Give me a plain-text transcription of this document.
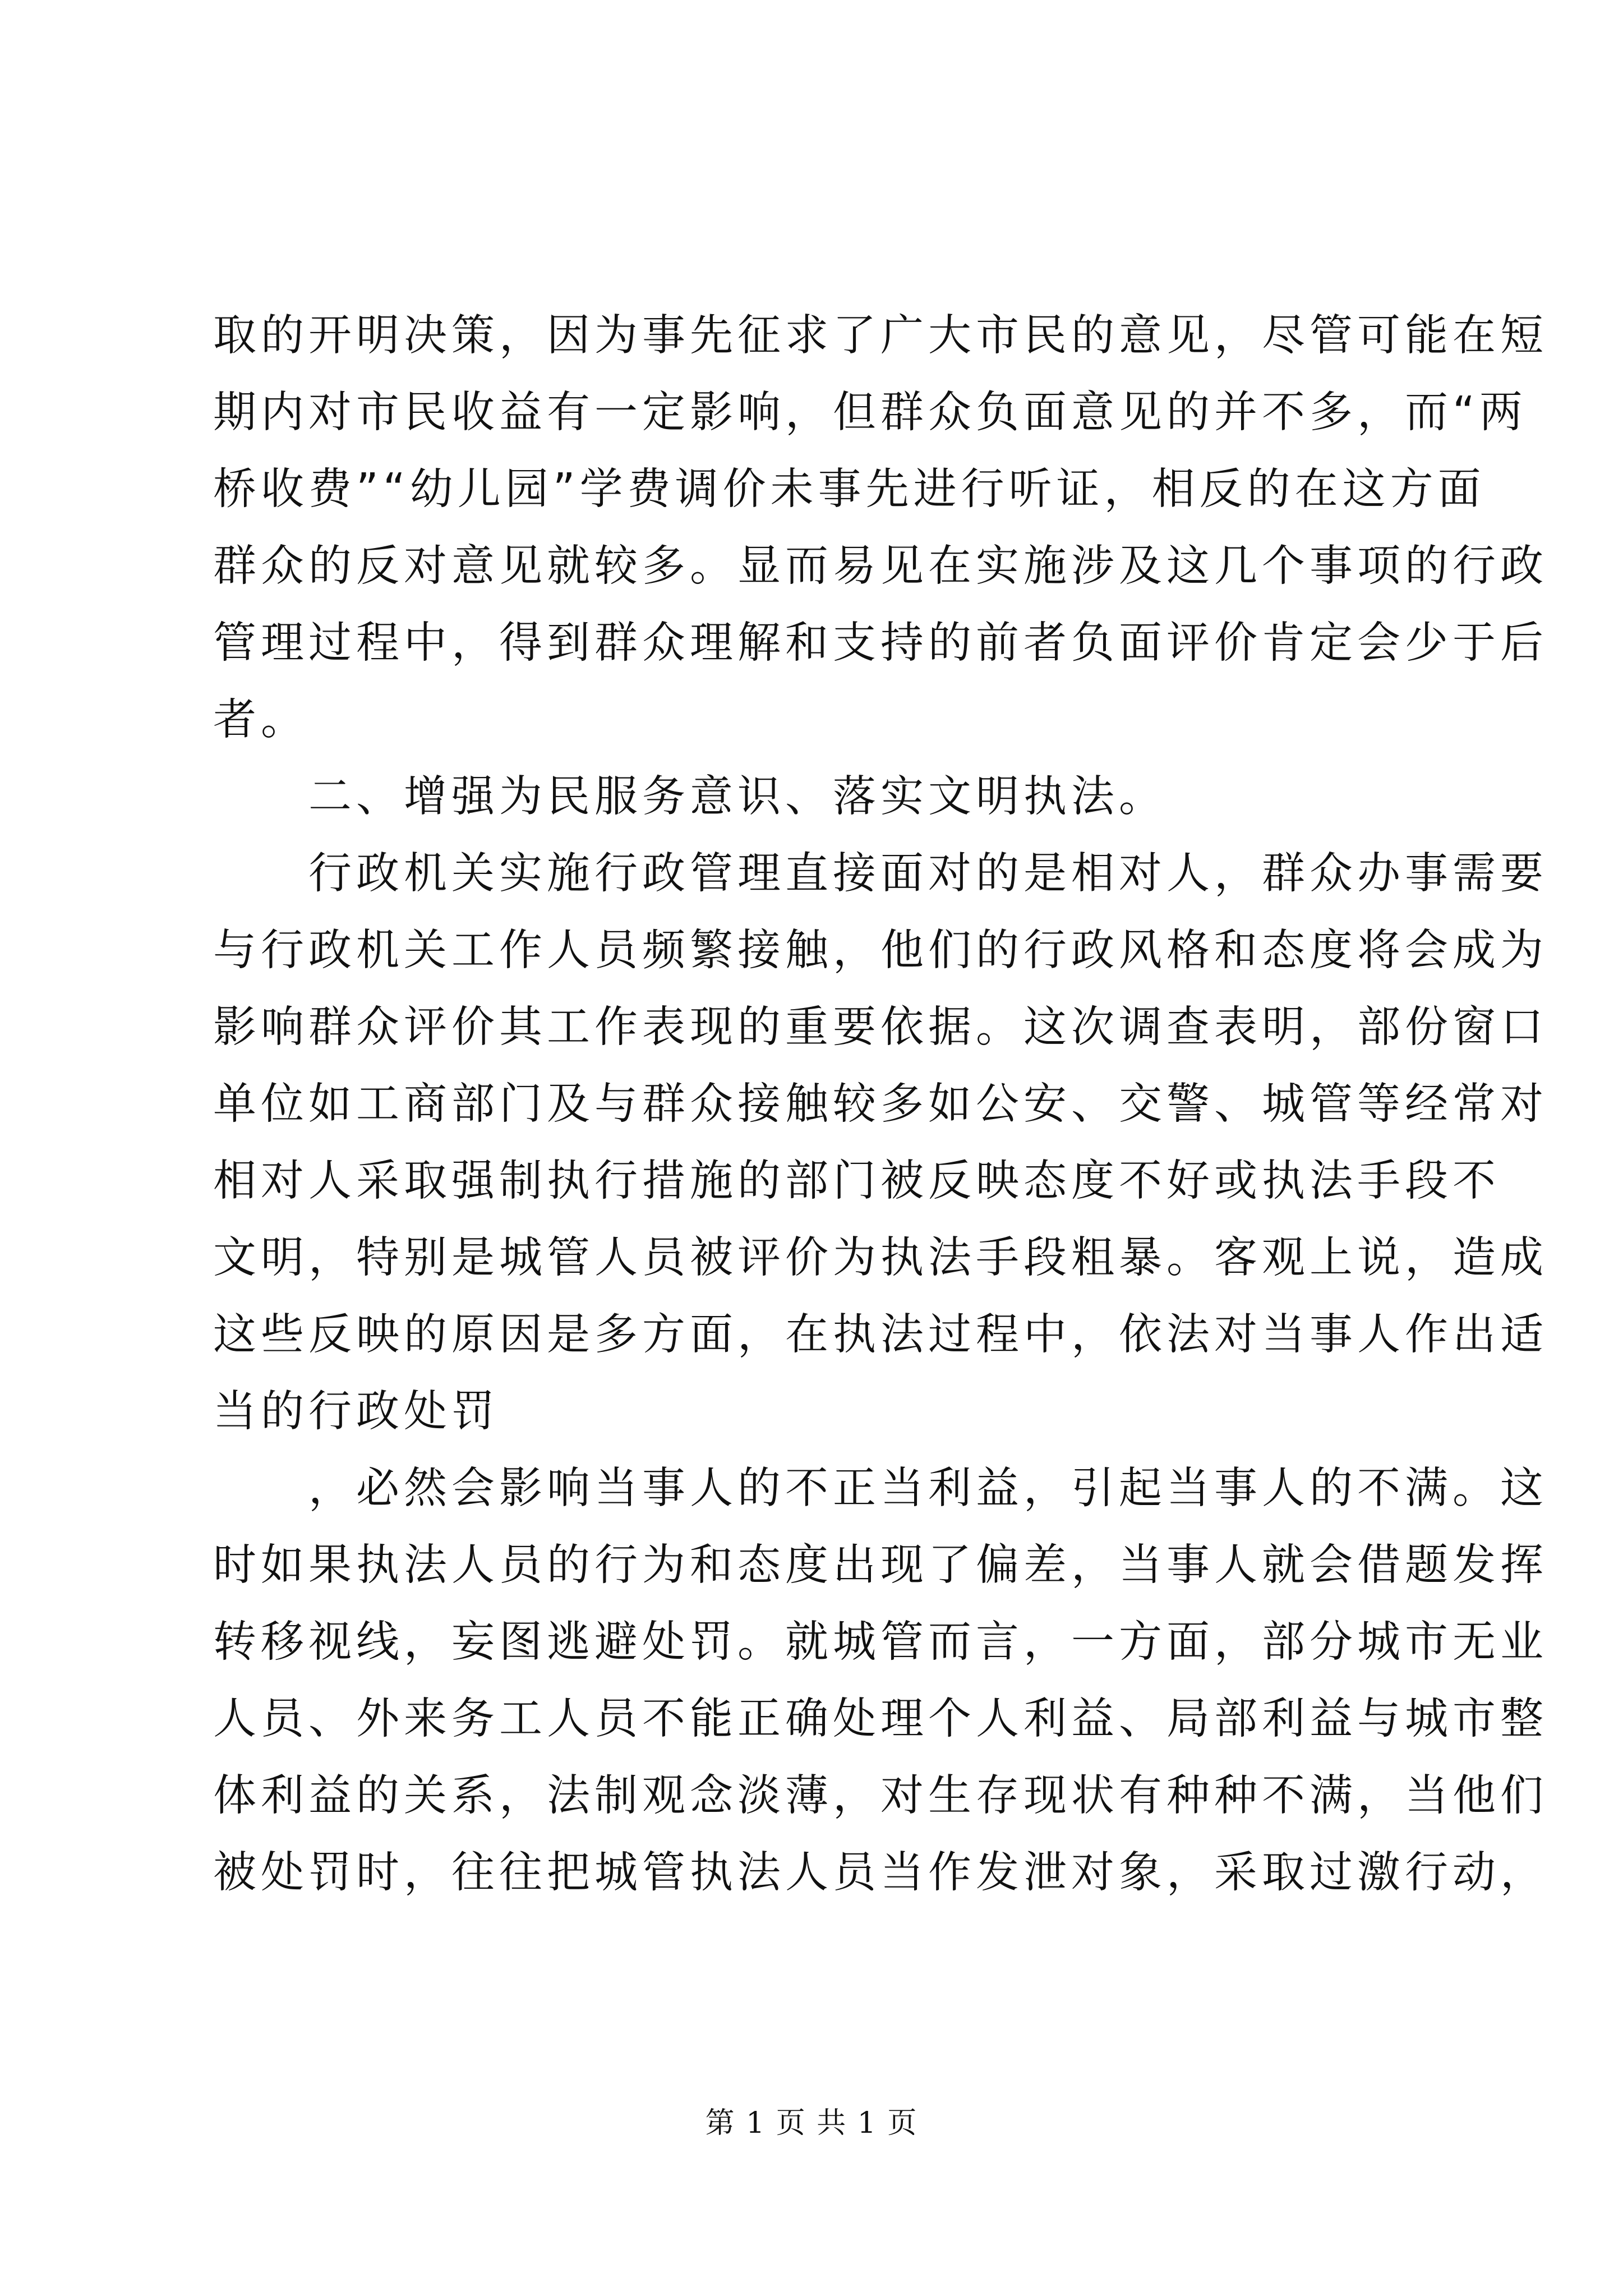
取的开明决策，因为事先征求了广大市民的意见，尽管可能在短
期内对市民收益有一定影响，但群众负面意见的并不多，而“两
桥收费”“幼儿园”学费调价未事先进行听证，相反的在这方面
群众的反对意见就较多。显而易见在实施涉及这几个事项的行政
管理过程中，得到群众理解和支持的前者负面评价肯定会少于后
者。
二、增强为民服务意识、落实文明执法。
行政机关实施行政管理直接面对的是相对人，群众办事需要
与行政机关工作人员频繁接触，他们的行政风格和态度将会成为
影响群众评价其工作表现的重要依据。这次调查表明，部份窗口
单位如工商部门及与群众接触较多如公安、交警、城管等经常对
相对人采取强制执行措施的部门被反映态度不好或执法手段不
文明，特别是城管人员被评价为执法手段粗暴。客观上说，造成
这些反映的原因是多方面，在执法过程中，依法对当事人作出适
当的行政处罚
，必然会影响当事人的不正当利益，引起当事人的不满。这
时如果执法人员的行为和态度出现了偏差，当事人就会借题发挥
转移视线，妄图逃避处罚。就城管而言，一方面，部分城市无业
人员、外来务工人员不能正确处理个人利益、局部利益与城市整
体利益的关系，法制观念淡薄，对生存现状有种种不满，当他们
被处罚时，往往把城管执法人员当作发泄对象，采取过激行动，
第 1 页 共 1 页
